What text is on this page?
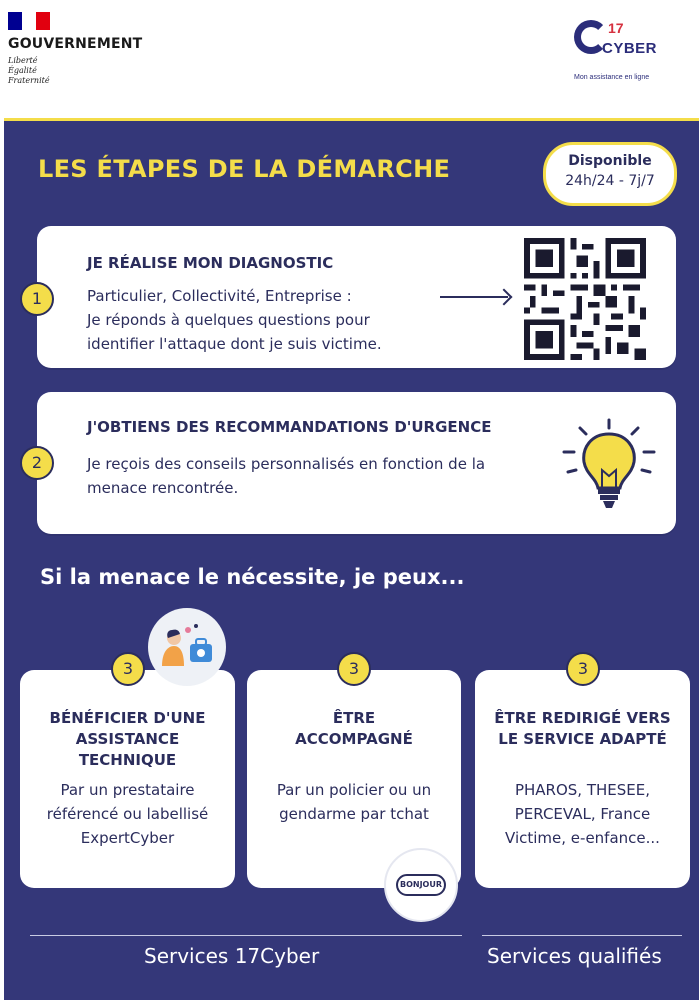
GOUVERNEMENT
Liberté
Égalité
Fraternité
17
CYBER
Mon assistance en ligne
LES ÉTAPES DE LA DÉMARCHE	Disponible
24h/24 - 7j/7
JE RÉALISE MON DIAGNOSTIC
Particulier, Collectivité, Entreprise :
Je réponds à quelques questions pour
identifier l'attaque dont je suis victime.
1
J'OBTIENS DES RECOMMANDATIONS D'URGENCE
Je reçois des conseils personnalisés en fonction de la
menace rencontrée.
2
Si la menace le nécessite, je peux...
BÉNÉFICIER D'UNE
ASSISTANCE
TECHNIQUE
Par un prestataire
référencé ou labellisé
ExpertCyber
3
ÊTRE
ACCOMPAGNÉ
Par un policier ou un
gendarme par tchat
3
BONJOUR
ÊTRE REDIRIGÉ VERS
LE SERVICE ADAPTÉ
PHAROS, THESEE,
PERCEVAL, France
Victime, e-enfance...
3
Services 17Cyber	Services qualifiés
